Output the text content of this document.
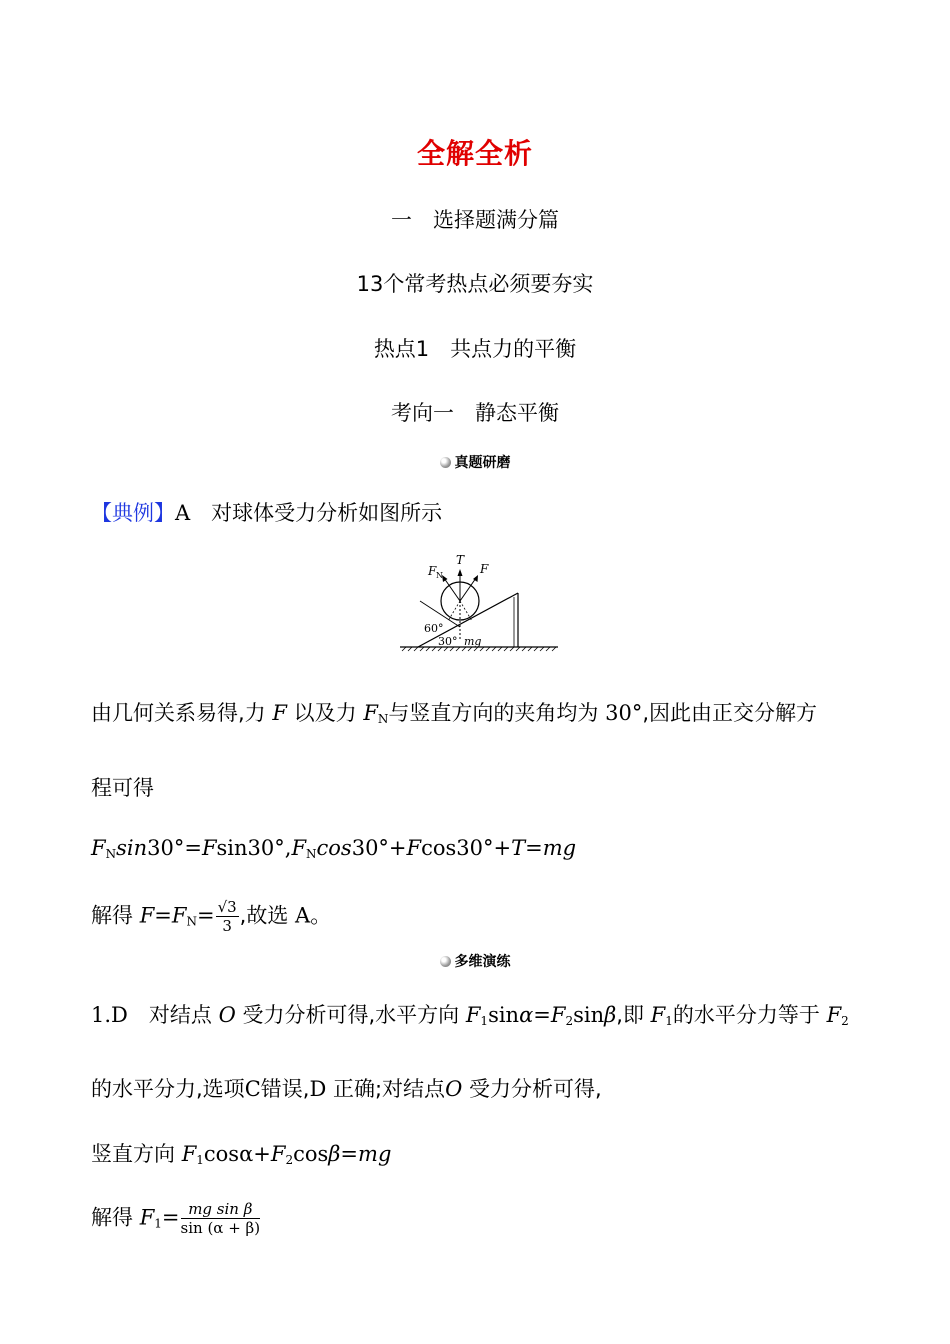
全解全析
一　选择题满分篇
13个常考热点必须要夯实
热点1　共点力的平衡
考向一　静态平衡
真题研磨
【典例】A　 对球体受力分析如图所示
F N
T
F
60°
30° mg
由几何关系易得,力 F 以及力 $F_N$与竖直方向的夹角均为 30°,因此由正交分解方
程可得
$F_N\sin 30^\circ=Fsin30^\circ,F_N\cos 30^\circ+Fcos30^\circ+T=mg$
解得 $F=F_N= \frac{√3}{3}$ ,故选 A。
多维演练
1.D　 对结点 O 受力分析可得,水平方向 $F_1\sin\alpha=F_2\sin\beta$,即 $F_1$的水平分力等于 $F_2$
的水平分力,选项C错误,D 正确;对结点O 受力分析可得,
竖直方向 $F_1\cos\alpha+F_2\cos\beta=mg$
解得 $F_1= \frac{\text{mg sin β}}{\sin (\alpha + \beta)}$
